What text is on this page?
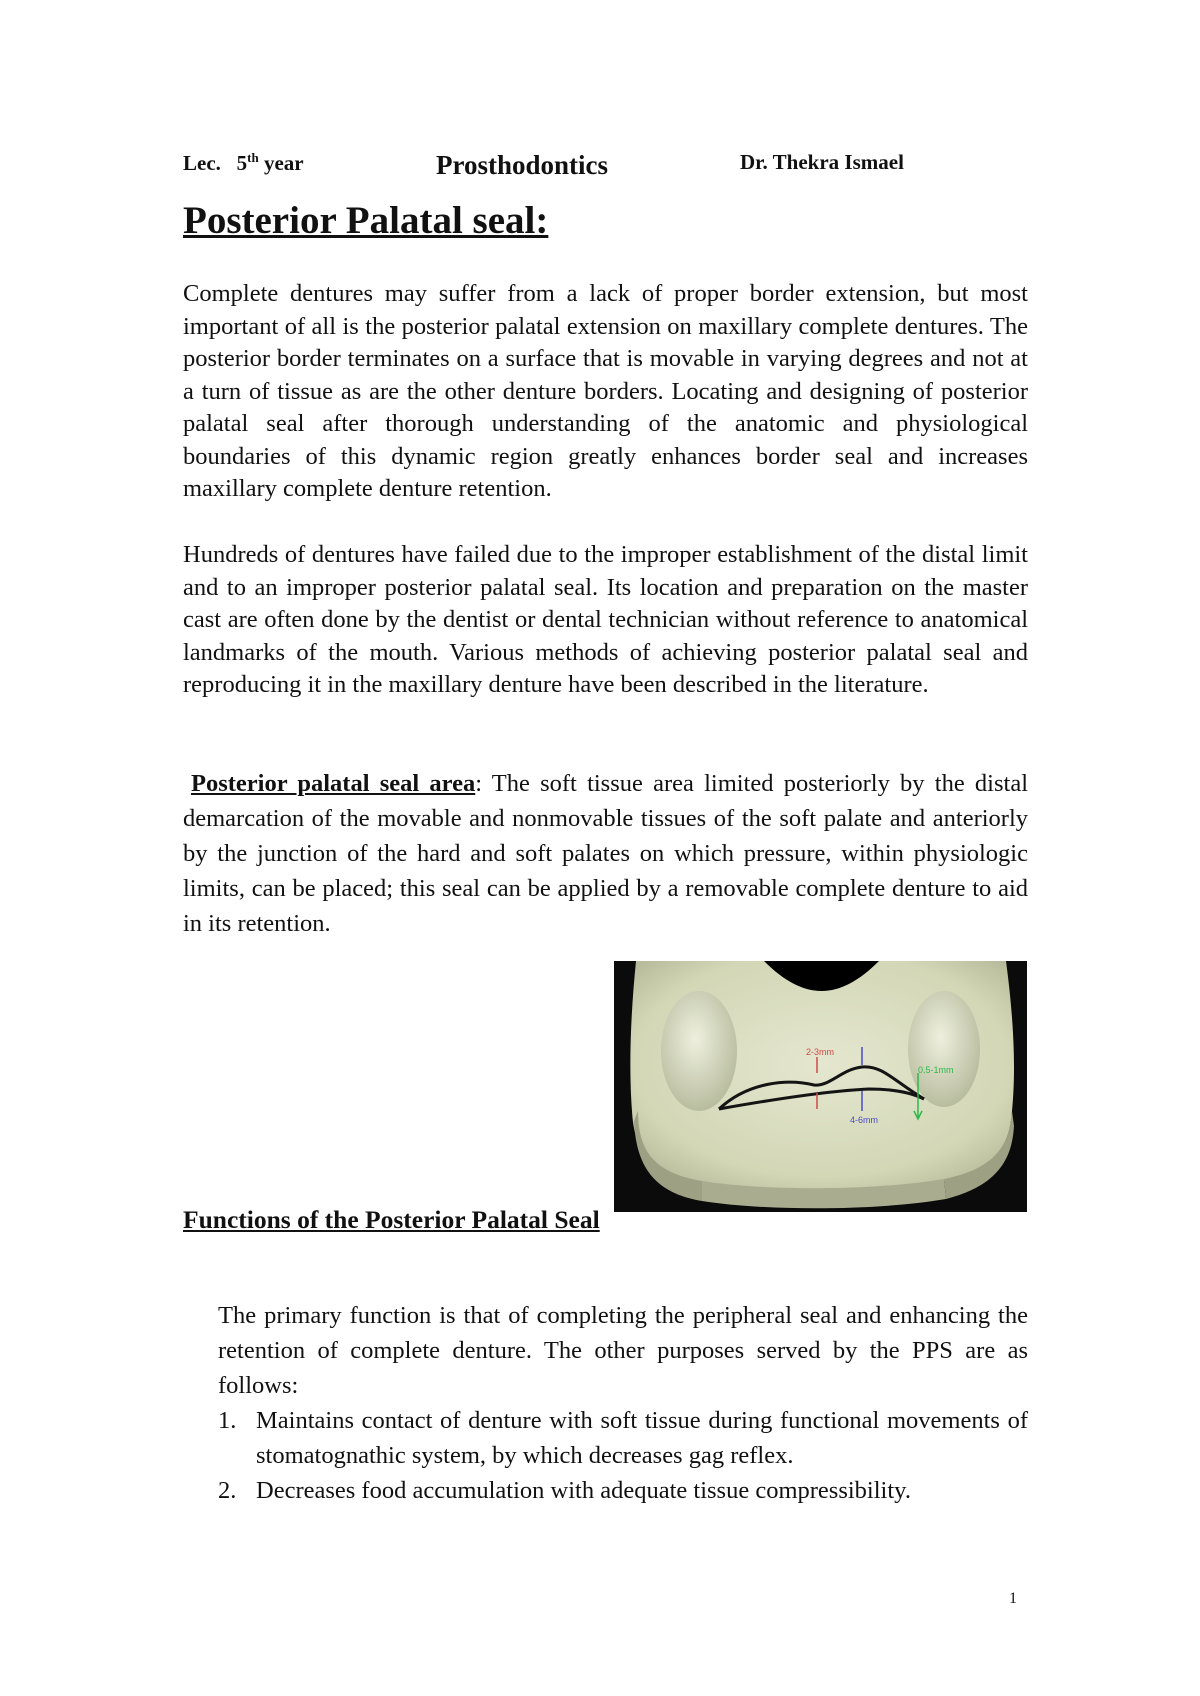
Lec. 5th year	Prosthodontics	Dr. Thekra Ismael
Posterior Palatal seal:

Complete dentures may suffer from a lack of proper border extension, but most important of all is the posterior palatal extension on maxillary complete dentures. The posterior border terminates on a surface that is movable in varying degrees and not at a turn of tissue as are the other denture borders. Locating and designing of posterior palatal seal after thorough understanding of the anatomic and physiological boundaries of this dynamic region greatly enhances border seal and increases maxillary complete denture retention.

Hundreds of dentures have failed due to the improper establishment of the distal limit and to an improper posterior palatal seal. Its location and preparation on the master cast are often done by the dentist or dental technician without reference to anatomical landmarks of the mouth. Various methods of achieving posterior palatal seal and reproducing it in the maxillary denture have been described in the literature.

Posterior palatal seal area: The soft tissue area limited posteriorly by the distal demarcation of the movable and nonmovable tissues of the soft palate and anteriorly by the junction of the hard and soft palates on which pressure, within physiologic limits, can be placed; this seal can be applied by a removable complete denture to aid in its retention.

2-3mm
0.5-1mm
4-6mm
Functions of the Posterior Palatal Seal

The primary function is that of completing the peripheral seal and enhancing the retention of complete denture. The other purposes served by the PPS are as follows:

1. Maintains contact of denture with soft tissue during functional movements of stomatognathic system, by which decreases gag reflex.
2. Decreases food accumulation with adequate tissue compressibility.
1
